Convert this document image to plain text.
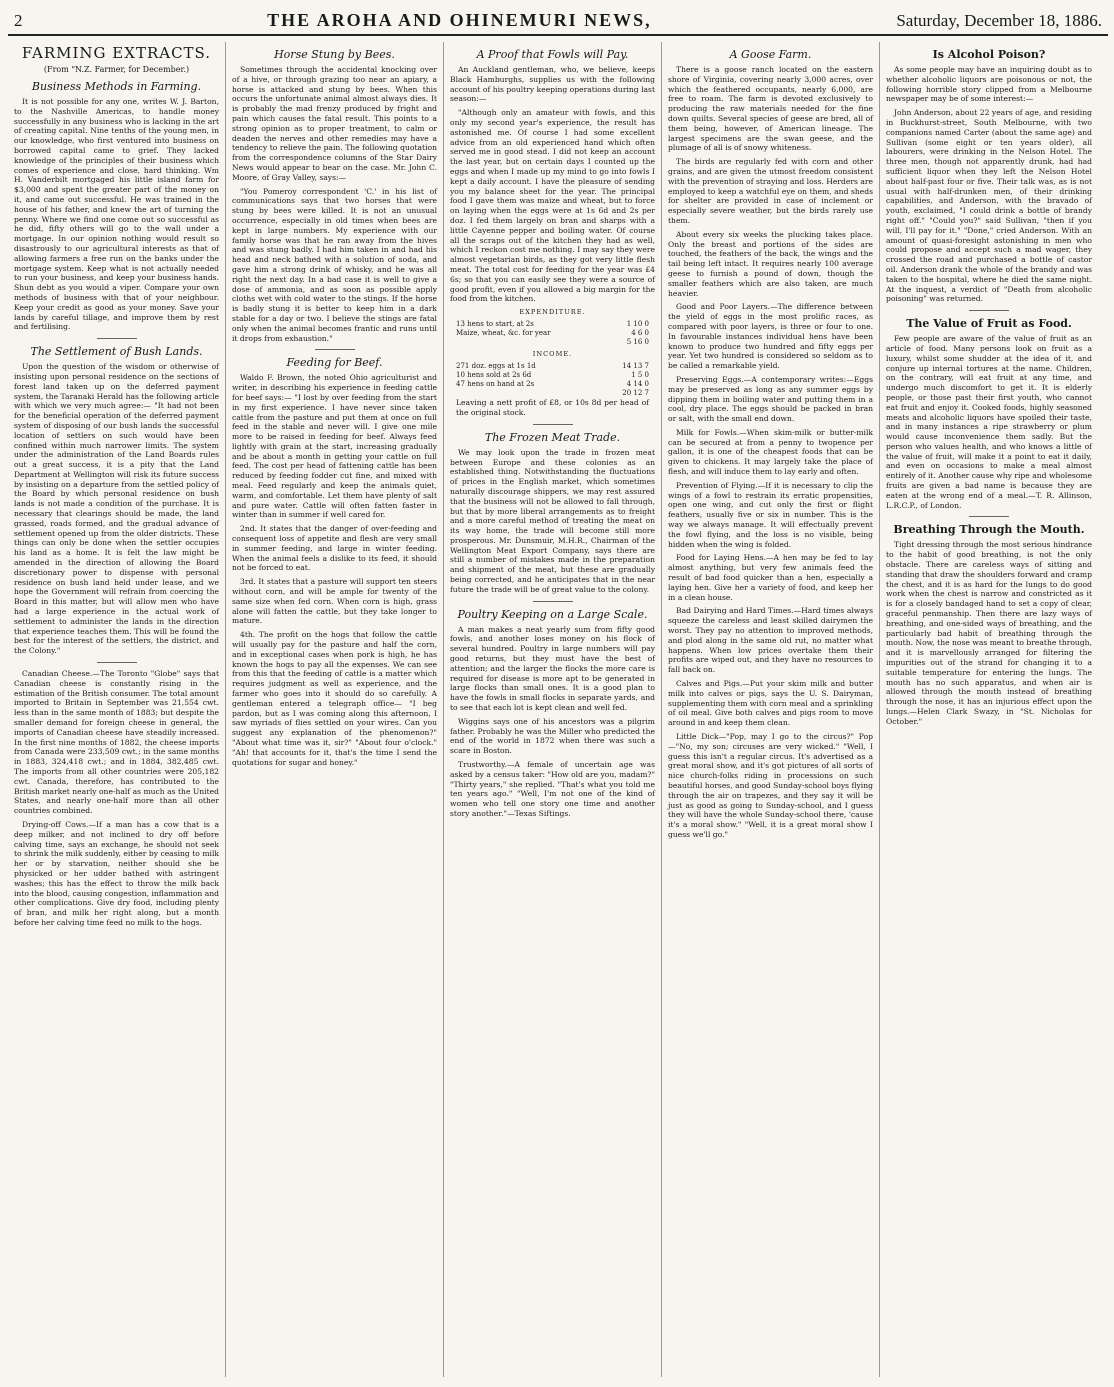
2	THE AROHA AND OHINEMURI NEWS,	Saturday, December 18, 1886.
FARMING EXTRACTS.
(From "N.Z. Farmer, for December.)
Business Methods in Farming.

It is not possible for any one, writes W. J. Barton, to the Nashville Americas, to handle money successfully in any business who is lacking in the art of creating capital. Nine tenths of the young men, in our knowledge, who first ventured into business on borrowed capital came to grief. They lacked knowledge of the principles of their business which comes of experience and close, hard thinking. Wm H. Vanderbilt mortgaged his little island farm for $3,000 and spent the greater part of the money on it, and came out successful. He was trained in the house of his father, and knew the art of turning the penny. Where we find one come out so successful as he did, fifty others will go to the wall under a mortgage. In our opinion nothing would result so disastrously to our agricultural interests as that of allowing farmers a free run on the banks under the mortgage system. Keep what is not actually needed to run your business, and keep your business hands. Shun debt as you would a viper. Compare your own methods of business with that of your neighbour. Keep your credit as good as your money. Save your lands by careful tillage, and improve them by rest and fertilising.

The Settlement of Bush Lands.

Upon the question of the wisdom or otherwise of insisting upon personal residence on the sections of forest land taken up on the deferred payment system, the Taranaki Herald has the following article with which we very much agree:— "It had not been for the beneficial operation of the deferred payment system of disposing of our bush lands the successful location of settlers on such would have been confined within much narrower limits. The system under the administration of the Land Boards rules out a great success, it is a pity that the Land Department at Wellington will risk its future success by insisting on a departure from the settled policy of the Board by which personal residence on bush lands is not made a condition of the purchase. It is necessary that clearings should be made, the land grassed, roads formed, and the gradual advance of settlement opened up from the older districts. These things can only be done when the settler occupies his land as a home. It is felt the law might be amended in the direction of allowing the Board discretionary power to dispense with personal residence on bush land held under lease, and we hope the Government will refrain from coercing the Board in this matter, but will allow men who have had a large experience in the actual work of settlement to administer the lands in the direction that experience teaches them. This will be found the best for the interest of the settlers, the district, and the Colony."

Canadian Cheese.—The Toronto "Globe" says that Canadian cheese is constantly rising in the estimation of the British consumer. The total amount imported to Britain in September was 21,554 cwt. less than in the same month of 1883; but despite the smaller demand for foreign cheese in general, the imports of Canadian cheese have steadily increased. In the first nine months of 1882, the cheese imports from Canada were 233,509 cwt.; in the same months in 1883, 324,418 cwt.; and in 1884, 382,485 cwt. The imports from all other countries were 205,182 cwt. Canada, therefore, has contributed to the British market nearly one-half as much as the United States, and nearly one-half more than all other countries combined.

Drying-off Cows.—If a man has a cow that is a deep milker, and not inclined to dry off before calving time, says an exchange, he should not seek to shrink the milk suddenly, either by ceasing to milk her or by starvation, neither should she be physicked or her udder bathed with astringent washes; this has the effect to throw the milk back into the blood, causing congestion, inflammation and other complications. Give dry food, including plenty of bran, and milk her right along, but a month before her calving time feed no milk to the hogs.

Horse Stung by Bees.

Sometimes through the accidental knocking over of a hive, or through grazing too near an apiary, a horse is attacked and stung by bees. When this occurs the unfortunate animal almost always dies. It is probably the mad frenzy produced by fright and pain which causes the fatal result. This points to a strong opinion as to proper treatment, to calm or deaden the nerves and other remedies may have a tendency to relieve the pain. The following quotation from the correspondence columns of the Star Dairy News would appear to bear on the case. Mr. John C. Moore, of Gray Valley, says:—

"You Pomeroy correspondent 'C.' in his list of communications says that two horses that were stung by bees were killed. It is not an unusual occurrence, especially in old times when bees are kept in large numbers. My experience with our family horse was that he ran away from the hives and was stung badly. I had him taken in and had his head and neck bathed with a solution of soda, and gave him a strong drink of whisky, and he was all right the next day. In a bad case it is well to give a dose of ammonia, and as soon as possible apply cloths wet with cold water to the stings. If the horse is badly stung it is better to keep him in a dark stable for a day or two. I believe the stings are fatal only when the animal becomes frantic and runs until it drops from exhaustion."

Feeding for Beef.

Waldo F. Brown, the noted Ohio agriculturist and writer, in describing his experience in feeding cattle for beef says:— "I lost by over feeding from the start in my first experience. I have never since taken cattle from the pasture and put them at once on full feed in the stable and never will. I give one mile more to be raised in feeding for beef. Always feed lightly with grain at the start, increasing gradually and be about a month in getting your cattle on full feed. The cost per head of fattening cattle has been reduced by feeding fodder cut fine, and mixed with meal. Feed regularly and keep the animals quiet, warm, and comfortable. Let them have plenty of salt and pure water. Cattle will often fatten faster in winter than in summer if well cared for.

2nd. It states that the danger of over-feeding and consequent loss of appetite and flesh are very small in summer feeding, and large in winter feeding. When the animal feels a dislike to its feed, it should not be forced to eat.

3rd. It states that a pasture will support ten steers without corn, and will be ample for twenty of the same size when fed corn. When corn is high, grass alone will fatten the cattle, but they take longer to mature.

4th. The profit on the hogs that follow the cattle will usually pay for the pasture and half the corn, and in exceptional cases when pork is high, he has known the hogs to pay all the expenses. We can see from this that the feeding of cattle is a matter which requires judgment as well as experience, and the farmer who goes into it should do so carefully. A gentleman entered a telegraph office— "I beg pardon, but as I was coming along this afternoon, I saw myriads of flies settled on your wires. Can you suggest any explanation of the phenomenon?" "About what time was it, sir?" "About four o'clock." "Ah! that accounts for it, that's the time I send the quotations for sugar and honey."

A Proof that Fowls will Pay.

An Auckland gentleman, who, we believe, keeps Black Hamburghs, supplies us with the following account of his poultry keeping operations during last season:—

"Although only an amateur with fowls, and this only my second year's experience, the result has astonished me. Of course I had some excellent advice from an old experienced hand which often served me in good stead. I did not keep an account the last year, but on certain days I counted up the eggs and when I made up my mind to go into fowls I kept a daily account. I have the pleasure of sending you my balance sheet for the year. The principal food I gave them was maize and wheat, but to force on laying when the eggs were at 1s 6d and 2s per doz. I fed them largely on bran and sharps with a little Cayenne pepper and boiling water. Of course all the scraps out of the kitchen they had as well, which I reckon cost me nothing. I may say they were almost vegetarian birds, as they got very little flesh meat. The total cost for feeding for the year was £4 6s; so that you can easily see they were a source of good profit, even if you allowed a big margin for the food from the kitchen.

EXPENDITURE.
13 hens to start, at 2s	1 10 0
Maize, wheat, &c. for year	4 6 0
5 16 0
INCOME.
271 doz. eggs at 1s 1d	14 13 7
10 hens sold at 2s 6d	1 5 0
47 hens on hand at 2s	4 14 0
20 12 7
Leaving a nett profit of £8, or 10s 8d per head of the original stock.
The Frozen Meat Trade.

We may look upon the trade in frozen meat between Europe and these colonies as an established thing. Notwithstanding the fluctuations of prices in the English market, which sometimes naturally discourage shippers, we may rest assured that the business will not be allowed to fall through, but that by more liberal arrangements as to freight and a more careful method of treating the meat on its way home, the trade will become still more prosperous. Mr. Dunsmuir, M.H.R., Chairman of the Wellington Meat Export Company, says there are still a number of mistakes made in the preparation and shipment of the meat, but these are gradually being corrected, and he anticipates that in the near future the trade will be of great value to the colony.

Poultry Keeping on a Large Scale.

A man makes a neat yearly sum from fifty good fowls, and another loses money on his flock of several hundred. Poultry in large numbers will pay good returns, but they must have the best of attention; and the larger the flocks the more care is required for disease is more apt to be generated in large flocks than small ones. It is a good plan to have the fowls in small flocks in separate yards, and to see that each lot is kept clean and well fed.

Wiggins says one of his ancestors was a pilgrim father. Probably he was the Miller who predicted the end of the world in 1872 when there was such a scare in Boston.

Trustworthy.—A female of uncertain age was asked by a census taker: "How old are you, madam?" "Thirty years," she replied. "That's what you told me ten years ago." "Well, I'm not one of the kind of women who tell one story one time and another story another."—Texas Siftings.

A Goose Farm.

There is a goose ranch located on the eastern shore of Virginia, covering nearly 3,000 acres, over which the feathered occupants, nearly 6,000, are free to roam. The farm is devoted exclusively to producing the raw materials needed for the fine down quilts. Several species of geese are bred, all of them being, however, of American lineage. The largest specimens are the swan geese, and the plumage of all is of snowy whiteness.

The birds are regularly fed with corn and other grains, and are given the utmost freedom consistent with the prevention of straying and loss. Herders are employed to keep a watchful eye on them, and sheds for shelter are provided in case of inclement or especially severe weather, but the birds rarely use them.

About every six weeks the plucking takes place. Only the breast and portions of the sides are touched, the feathers of the back, the wings and the tail being left intact. It requires nearly 100 average geese to furnish a pound of down, though the smaller feathers which are also taken, are much heavier.

Good and Poor Layers.—The difference between the yield of eggs in the most prolific races, as compared with poor layers, is three or four to one. In favourable instances individual hens have been known to produce two hundred and fifty eggs per year. Yet two hundred is considered so seldom as to be called a remarkable yield.

Preserving Eggs.—A contemporary writes:—Eggs may be preserved as long as any summer eggs by dipping them in boiling water and putting them in a cool, dry place. The eggs should be packed in bran or salt, with the small end down.

Milk for Fowls.—When skim-milk or butter-milk can be secured at from a penny to twopence per gallon, it is one of the cheapest foods that can be given to chickens. It may largely take the place of flesh, and will induce them to lay early and often.

Prevention of Flying.—If it is necessary to clip the wings of a fowl to restrain its erratic propensities, open one wing, and cut only the first or flight feathers, usually five or six in number. This is the way we always manage. It will effectually prevent the fowl flying, and the loss is no visible, being hidden when the wing is folded.

Food for Laying Hens.—A hen may be fed to lay almost anything, but very few animals feed the result of bad food quicker than a hen, especially a laying hen. Give her a variety of food, and keep her in a clean house.

Bad Dairying and Hard Times.—Hard times always squeeze the careless and least skilled dairymen the worst. They pay no attention to improved methods, and plod along in the same old rut, no matter what happens. When low prices overtake them their profits are wiped out, and they have no resources to fall back on.

Calves and Pigs.—Put your skim milk and butter milk into calves or pigs, says the U. S. Dairyman, supplementing them with corn meal and a sprinkling of oil meal. Give both calves and pigs room to move around in and keep them clean.

Little Dick—"Pop, may I go to the circus?" Pop—"No, my son; circuses are very wicked." "Well, I guess this isn't a regular circus. It's advertised as a great moral show, and it's got pictures of all sorts of nice church-folks riding in processions on such beautiful horses, and good Sunday-school boys flying through the air on trapezes, and they say it will be just as good as going to Sunday-school, and I guess they will have the whole Sunday-school there, 'cause it's a moral show." "Well, it is a great moral show I guess we'll go."

Is Alcohol Poison?

As some people may have an inquiring doubt as to whether alcoholic liquors are poisonous or not, the following horrible story clipped from a Melbourne newspaper may be of some interest:—

John Anderson, about 22 years of age, and residing in Buckhurst-street, South Melbourne, with two companions named Carter (about the same age) and Sullivan (some eight or ten years older), all labourers, were drinking in the Nelson Hotel. The three men, though not apparently drunk, had had sufficient liquor when they left the Nelson Hotel about half-past four or five. Their talk was, as is not usual with half-drunken men, of their drinking capabilities, and Anderson, with the bravado of youth, exclaimed, "I could drink a bottle of brandy right off." "Could you?" said Sullivan, "then if you will, I'll pay for it." "Done," cried Anderson. With an amount of quasi-foresight astonishing in men who could propose and accept such a mad wager, they crossed the road and purchased a bottle of castor oil. Anderson drank the whole of the brandy and was taken to the hospital, where he died the same night. At the inquest, a verdict of "Death from alcoholic poisoning" was returned.

The Value of Fruit as Food.

Few people are aware of the value of fruit as an article of food. Many persons look on fruit as a luxury, whilst some shudder at the idea of it, and conjure up internal tortures at the name. Children, on the contrary, will eat fruit at any time, and undergo much discomfort to get it. It is elderly people, or those past their first youth, who cannot eat fruit and enjoy it. Cooked foods, highly seasoned meats and alcoholic liquors have spoiled their taste, and in many instances a ripe strawberry or plum would cause inconvenience them sadly. But the person who values health, and who knows a little of the value of fruit, will make it a point to eat it daily, and even on occasions to make a meal almost entirely of it. Another cause why ripe and wholesome fruits are given a bad name is because they are eaten at the wrong end of a meal.—T. R. Allinson, L.R.C.P., of London.

Breathing Through the Mouth.

Tight dressing through the most serious hindrance to the habit of good breathing, is not the only obstacle. There are careless ways of sitting and standing that draw the shoulders forward and cramp the chest, and it is as hard for the lungs to do good work when the chest is narrow and constricted as it is for a closely bandaged hand to set a copy of clear, graceful penmanship. Then there are lazy ways of breathing, and one-sided ways of breathing, and the particularly bad habit of breathing through the mouth. Now, the nose was meant to breathe through, and it is marvellously arranged for filtering the impurities out of the strand for changing it to a suitable temperature for entering the lungs. The mouth has no such apparatus, and when air is allowed through the mouth instead of breathing through the nose, it has an injurious effect upon the lungs.—Helen Clark Swazy, in "St. Nicholas for October."
